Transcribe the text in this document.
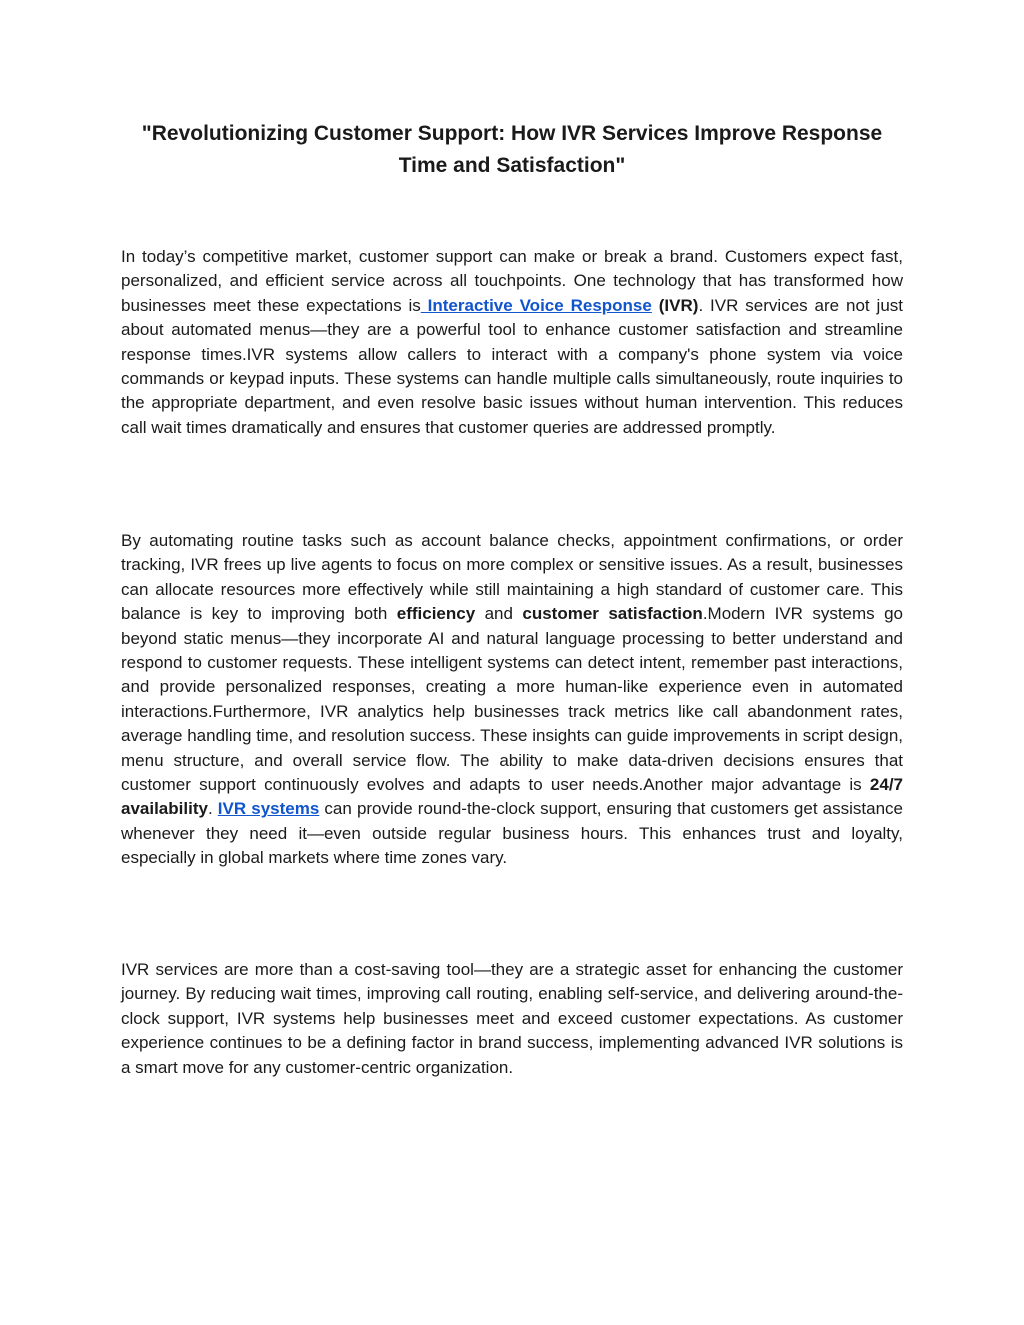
"Revolutionizing Customer Support: How IVR Services Improve Response Time and Satisfaction"

In today’s competitive market, customer support can make or break a brand. Customers expect fast, personalized, and efficient service across all touchpoints. One technology that has transformed how businesses meet these expectations is Interactive Voice Response (IVR). IVR services are not just about automated menus—they are a powerful tool to enhance customer satisfaction and streamline response times.IVR systems allow callers to interact with a company's phone system via voice commands or keypad inputs. These systems can handle multiple calls simultaneously, route inquiries to the appropriate department, and even resolve basic issues without human intervention. This reduces call wait times dramatically and ensures that customer queries are addressed promptly.

By automating routine tasks such as account balance checks, appointment confirmations, or order tracking, IVR frees up live agents to focus on more complex or sensitive issues. As a result, businesses can allocate resources more effectively while still maintaining a high standard of customer care. This balance is key to improving both efficiency and customer satisfaction.Modern IVR systems go beyond static menus—they incorporate AI and natural language processing to better understand and respond to customer requests. These intelligent systems can detect intent, remember past interactions, and provide personalized responses, creating a more human-like experience even in automated interactions.Furthermore, IVR analytics help businesses track metrics like call abandonment rates, average handling time, and resolution success. These insights can guide improvements in script design, menu structure, and overall service flow. The ability to make data-driven decisions ensures that customer support continuously evolves and adapts to user needs.Another major advantage is 24/7 availability. IVR systems can provide round-the-clock support, ensuring that customers get assistance whenever they need it—even outside regular business hours. This enhances trust and loyalty, especially in global markets where time zones vary.

IVR services are more than a cost-saving tool—they are a strategic asset for enhancing the customer journey. By reducing wait times, improving call routing, enabling self-service, and delivering around-the-clock support, IVR systems help businesses meet and exceed customer expectations. As customer experience continues to be a defining factor in brand success, implementing advanced IVR solutions is a smart move for any customer-centric organization.
